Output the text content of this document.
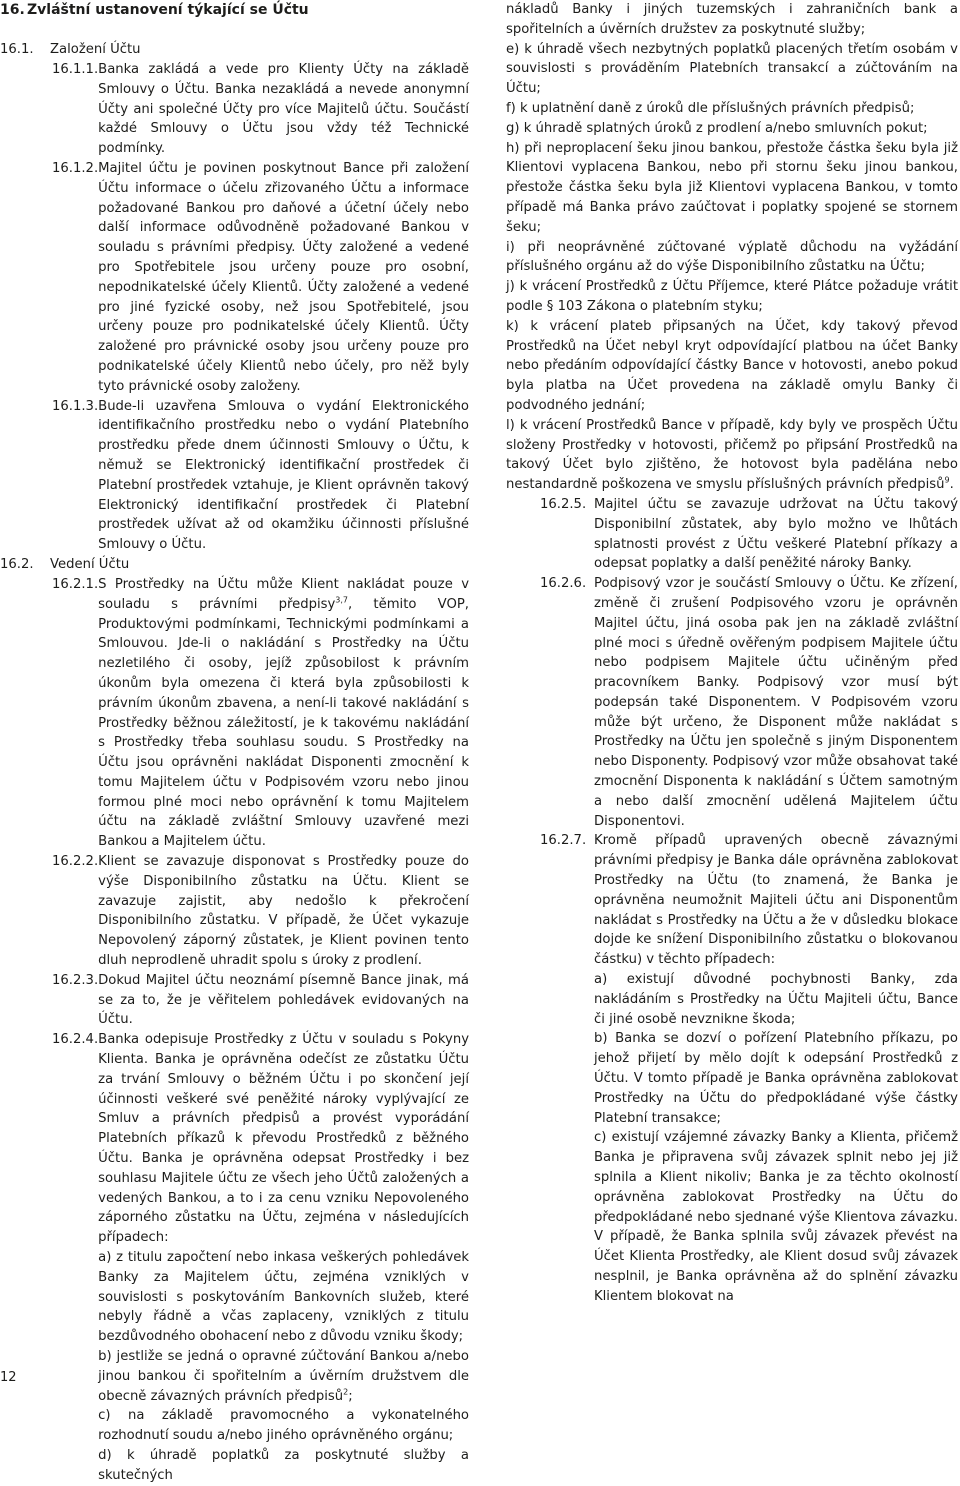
16. Zvláštní ustanovení týkající se Účtu
16.1. Založení Účtu
16.1.1. Banka zakládá a vede pro Klienty Účty na základě Smlouvy o Účtu. Banka nezakládá a nevede anonymní Účty ani společné Účty pro více Majitelů účtu. Součástí každé Smlouvy o Účtu jsou vždy též Technické podmínky.

16.1.2. Majitel účtu je povinen poskytnout Bance při založení Účtu informace o účelu zřizovaného Účtu a informace požadované Bankou pro daňové a účetní účely nebo další informace odůvodněně požadované Bankou v souladu s právními předpisy. Účty založené a vedené pro Spotřebitele jsou určeny pouze pro osobní, nepodnikatelské účely Klientů. Účty založené a vedené pro jiné fyzické osoby, než jsou Spotřebitelé, jsou určeny pouze pro podnikatelské účely Klientů. Účty založené pro právnické osoby jsou určeny pouze pro podnikatelské účely Klientů nebo účely, pro něž byly tyto právnické osoby založeny.

16.1.3. Bude-li uzavřena Smlouva o vydání Elektronického identifikačního prostředku nebo o vydání Platebního prostředku přede dnem účinnosti Smlouvy o Účtu, k němuž se Elektronický identifikační prostředek či Platební prostředek vztahuje, je Klient oprávněn takový Elektronický identifikační prostředek či Platební prostředek užívat až od okamžiku účinnosti příslušné Smlouvy o Účtu.

16.2. Vedení Účtu
16.2.1. S Prostředky na Účtu může Klient nakládat pouze v souladu s právními předpisy$^{3,7}$, těmito VOP, Produktovými podmínkami, Technickými podmínkami a Smlouvou. Jde-li o nakládání s Prostředky na Účtu nezletilého či osoby, jejíž způsobilost k právním úkonům byla omezena či která byla způsobilosti k právním úkonům zbavena, a není-li takové nakládání s Prostředky běžnou záležitostí, je k takovému nakládání s Prostředky třeba souhlasu soudu. S Prostředky na Účtu jsou oprávněni nakládat Disponenti zmocnění k tomu Majitelem účtu v Podpisovém vzoru nebo jinou formou plné moci nebo oprávnění k tomu Majitelem účtu na základě zvláštní Smlouvy uzavřené mezi Bankou a Majitelem účtu.

16.2.2. Klient se zavazuje disponovat s Prostředky pouze do výše Disponibilního zůstatku na Účtu. Klient se zavazuje zajistit, aby nedošlo k překročení Disponibilního zůstatku. V případě, že Účet vykazuje Nepovolený záporný zůstatek, je Klient povinen tento dluh neprodleně uhradit spolu s úroky z prodlení.

16.2.3. Dokud Majitel účtu neoznámí písemně Bance jinak, má se za to, že je věřitelem pohledávek evidovaných na Účtu.

16.2.4. Banka odepisuje Prostředky z Účtu v souladu s Pokyny Klienta. Banka je oprávněna odečíst ze zůstatku Účtu za trvání Smlouvy o běžném Účtu i po skončení její účinnosti veškeré své peněžité nároky vyplývající ze Smluv a právních předpisů a provést vyporádání Platebních příkazů k převodu Prostředků z běžného Účtu. Banka je oprávněna odepsat Prostředky i bez souhlasu Majitele účtu ze všech jeho Účtů založených a vedených Bankou, a to i za cenu vzniku Nepovoleného záporného zůstatku na Účtu, zejména v následujících případech:

a) z titulu započtení nebo inkasa veškerých pohledávek Banky za Majitelem účtu, zejména vzniklých v souvislosti s poskytováním Bankovních služeb, které nebyly řádně a včas zaplaceny, vzniklých z titulu bezdůvodného obohacení nebo z důvodu vzniku škody;

b) jestliže se jedná o opravné zúčtování Bankou a/nebo jinou bankou či spořitelním a úvěrním družstvem dle obecně závazných právních předpisů$^2$;

c) na základě pravomocného a vykonatelného rozhodnutí soudu a/nebo jiného oprávněného orgánu;

d) k úhradě poplatků za poskytnuté služby a skutečných

nákladů Banky i jiných tuzemských i zahraničních bank a spořitelních a úvěrních družstev za poskytnuté služby;

e) k úhradě všech nezbytných poplatků placených třetím osobám v souvislosti s prováděním Platebních transakcí a zúčtováním na Účtu;

f) k uplatnění daně z úroků dle příslušných právních předpisů;

g) k úhradě splatných úroků z prodlení a/nebo smluvních pokut;

h) při neproplacení šeku jinou bankou, přestože částka šeku byla již Klientovi vyplacena Bankou, nebo při stornu šeku jinou bankou, přestože částka šeku byla již Klientovi vyplacena Bankou, v tomto případě má Banka právo zaúčtovat i poplatky spojené se stornem šeku;

i) při neoprávněné zúčtované výplatě důchodu na vyžádání příslušného orgánu až do výše Disponibilního zůstatku na Účtu;

j) k vrácení Prostředků z Účtu Příjemce, které Plátce požaduje vrátit podle § 103 Zákona o platebním styku;

k) k vrácení plateb připsaných na Účet, kdy takový převod Prostředků na Účet nebyl kryt odpovídající platbou na účet Banky nebo předáním odpovídající částky Bance v hotovosti, anebo pokud byla platba na Účet provedena na základě omylu Banky či podvodného jednání;

l) k vrácení Prostředků Bance v případě, kdy byly ve prospěch Účtu složeny Prostředky v hotovosti, přičemž po připsání Prostředků na takový Účet bylo zjištěno, že hotovost byla padělána nebo nestandardně poškozena ve smyslu příslušných právních předpisů$^9$.

16.2.5. Majitel účtu se zavazuje udržovat na Účtu takový Disponibilní zůstatek, aby bylo možno ve lhůtách splatnosti provést z Účtu veškeré Platební příkazy a odepsat poplatky a další peněžité nároky Banky.

16.2.6. Podpisový vzor je součástí Smlouvy o Účtu. Ke zřízení, změně či zrušení Podpisového vzoru je oprávněn Majitel účtu, jiná osoba pak jen na základě zvláštní plné moci s úředně ověřeným podpisem Majitele účtu nebo podpisem Majitele účtu učiněným před pracovníkem Banky. Podpisový vzor musí být podepsán také Disponentem. V Podpisovém vzoru může být určeno, že Disponent může nakládat s Prostředky na Účtu jen společně s jiným Disponentem nebo Disponenty. Podpisový vzor může obsahovat také zmocnění Disponenta k nakládání s Účtem samotným a nebo další zmocnění udělená Majitelem účtu Disponentovi.

16.2.7. Kromě případů upravených obecně závaznými právními předpisy je Banka dále oprávněna zablokovat Prostředky na Účtu (to znamená, že Banka je oprávněna neumožnit Majiteli účtu ani Disponentům nakládat s Prostředky na Účtu a že v důsledku blokace dojde ke snížení Disponibilního zůstatku o blokovanou částku) v těchto případech:

a) existují důvodné pochybnosti Banky, zda nakládáním s Prostředky na Účtu Majiteli účtu, Bance či jiné osobě nevznikne škoda;

b) Banka se dozví o pořízení Platebního příkazu, po jehož přijetí by mělo dojít k odepsání Prostředků z Účtu. V tomto případě je Banka oprávněna zablokovat Prostředky na Účtu do předpokládané výše částky Platební transakce;

c) existují vzájemné závazky Banky a Klienta, přičemž Banka je připravena svůj závazek splnit nebo jej již splnila a Klient nikoliv; Banka je za těchto okolností oprávněna zablokovat Prostředky na Účtu do předpokládané nebo sjednané výše Klientova závazku. V případě, že Banka splnila svůj závazek převést na Účet Klienta Prostředky, ale Klient dosud svůj závazek nesplnil, je Banka oprávněna až do splnění závazku Klientem blokovat na

12
